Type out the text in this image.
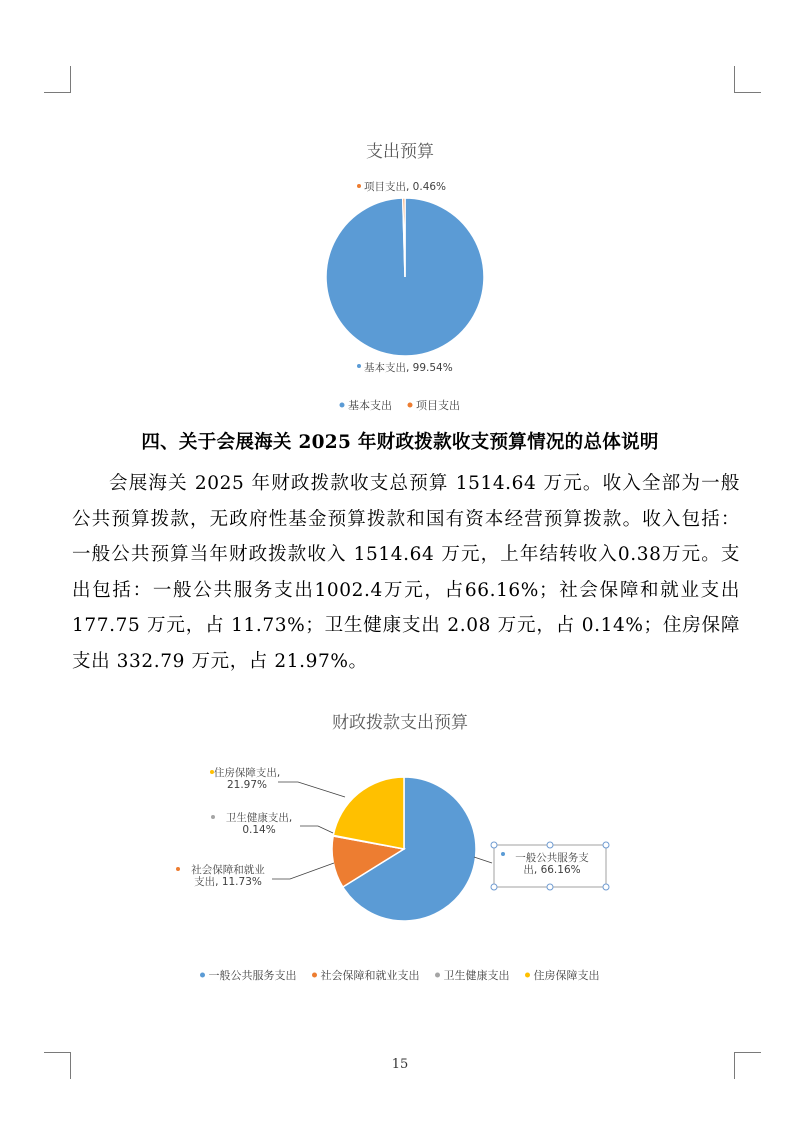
支出预算
项目支出, 0.46%
基本支出, 99.54%
基本支出 项目支出
四、关于会展海关 2025 年财政拨款收支预算情况的总体说明
会展海关 2025 年财政拨款收支总预算 1514.64 万元。收入全部为一般公共预算拨款，无政府性基金预算拨款和国有资本经营预算拨款。收入包括：一般公共预算当年财政拨款收入 1514.64 万元，上年结转收入0.38万元。支出包括：一般公共服务支出1002.4万元，占66.16%；社会保障和就业支出 177.75 万元，占 11.73%；卫生健康支出 2.08 万元，占 0.14%；住房保障支出 332.79 万元，占 21.97%。
财政拨款支出预算
住房保障支出, 21.97%
卫生健康支出, 0.14%
社会保障和就业支出, 11.73%
一般公共服务支出, 66.16%
一般公共服务支出 社会保障和就业支出 卫生健康支出 住房保障支出
15
